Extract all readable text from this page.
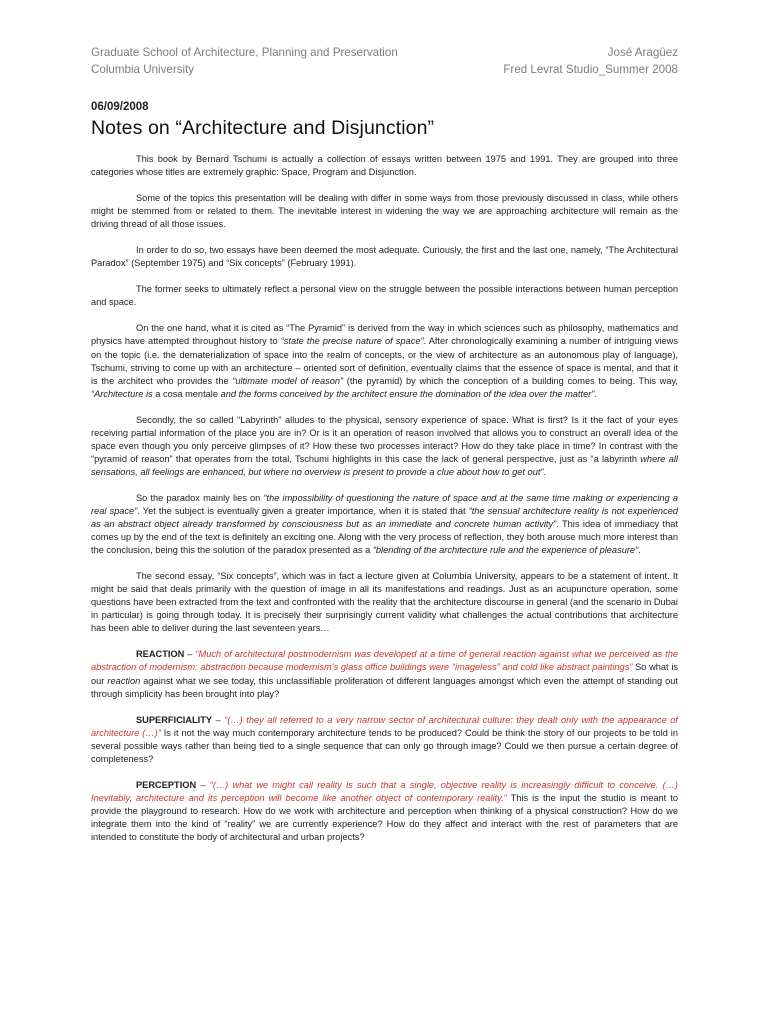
Graduate School of Architecture, Planning and Preservation
Columbia University
José Aragüez
Fred Levrat Studio_Summer 2008
06/09/2008
Notes on “Architecture and Disjunction”

This book by Bernard Tschumi is actually a collection of essays written between 1975 and 1991. They are grouped into three categories whose titles are extremely graphic: Space, Program and Disjunction.

Some of the topics this presentation will be dealing with differ in some ways from those previously discussed in class, while others might be stemmed from or related to them. The inevitable interest in widening the way we are approaching architecture will remain as the driving thread of all those issues.

In order to do so, two essays have been deemed the most adequate. Curiously, the first and the last one, namely, “The Architectural Paradox” (September 1975) and “Six concepts” (February 1991).

The former seeks to ultimately reflect a personal view on the struggle between the possible interactions between human perception and space.

On the one hand, what it is cited as “The Pyramid” is derived from the way in which sciences such as philosophy, mathematics and physics have attempted throughout history to “state the precise nature of space”. After chronologically examining a number of intriguing views on the topic (i.e. the dematerialization of space into the realm of concepts, or the view of architecture as an autonomous play of language), Tschumi, striving to come up with an architecture – oriented sort of definition, eventually claims that the essence of space is mental, and that it is the architect who provides the “ultimate model of reason” (the pyramid) by which the conception of a building comes to being. This way, “Architecture is a cosa mentale and the forms conceived by the architect ensure the domination of the idea over the matter”.

Secondly, the so called “Labyrinth” alludes to the physical, sensory experience of space. What is first? Is it the fact of your eyes receiving partial information of the place you are in? Or is it an operation of reason involved that allows you to construct an overall idea of the space even though you only perceive glimpses of it? How these two processes interact? How do they take place in time? In contrast with the “pyramid of reason” that operates from the total, Tschumi highlights in this case the lack of general perspective, just as “a labyrinth where all sensations, all feelings are enhanced, but where no overview is present to provide a clue about how to get out”.

So the paradox mainly lies on “the impossibility of questioning the nature of space and at the same time making or experiencing a real space”. Yet the subject is eventually given a greater importance, when it is stated that “the sensual architecture reality is not experienced as an abstract object already transformed by consciousness but as an immediate and concrete human activity”. This idea of immediacy that comes up by the end of the text is definitely an exciting one. Along with the very process of reflection, they both arouse much more interest than the conclusion, being this the solution of the paradox presented as a “blending of the architecture rule and the experience of pleasure”.

The second essay, “Six concepts”, which was in fact a lecture given at Columbia University, appears to be a statement of intent. It might be said that deals primarily with the question of image in all its manifestations and readings. Just as an acupuncture operation, some questions have been extracted from the text and confronted with the reality that the architecture discourse in general (and the scenario in Dubai in particular) is going through today. It is precisely their surprisingly current validity what challenges the actual contributions that architecture has been able to deliver during the last seventeen years…

REACTION – “Much of architectural postmodernism was developed at a time of general reaction against what we perceived as the abstraction of modernism: abstraction because modernism’s glass office buildings were “imageless” and cold like abstract paintings” So what is our reaction against what we see today, this unclassifiable proliferation of different languages amongst which even the attempt of standing out through simplicity has been brought into play?

SUPERFICIALITY – “(…) they all referred to a very narrow sector of architectural culture: they dealt only with the appearance of architecture (…)” Is it not the way much contemporary architecture tends to be produced? Could be think the story of our projects to be told in several possible ways rather than being tied to a single sequence that can only go through image? Could we then pursue a certain degree of completeness?

PERCEPTION – “(…) what we might call reality is such that a single, objective reality is increasingly difficult to conceive. (…) Inevitably, architecture and its perception will become like another object of contemporary reality.” This is the input the studio is meant to provide the playground to research. How do we work with architecture and perception when thinking of a physical construction? How do we integrate them into the kind of “reality” we are currently experience? How do they affect and interact with the rest of parameters that are intended to constitute the body of architectural and urban projects?
